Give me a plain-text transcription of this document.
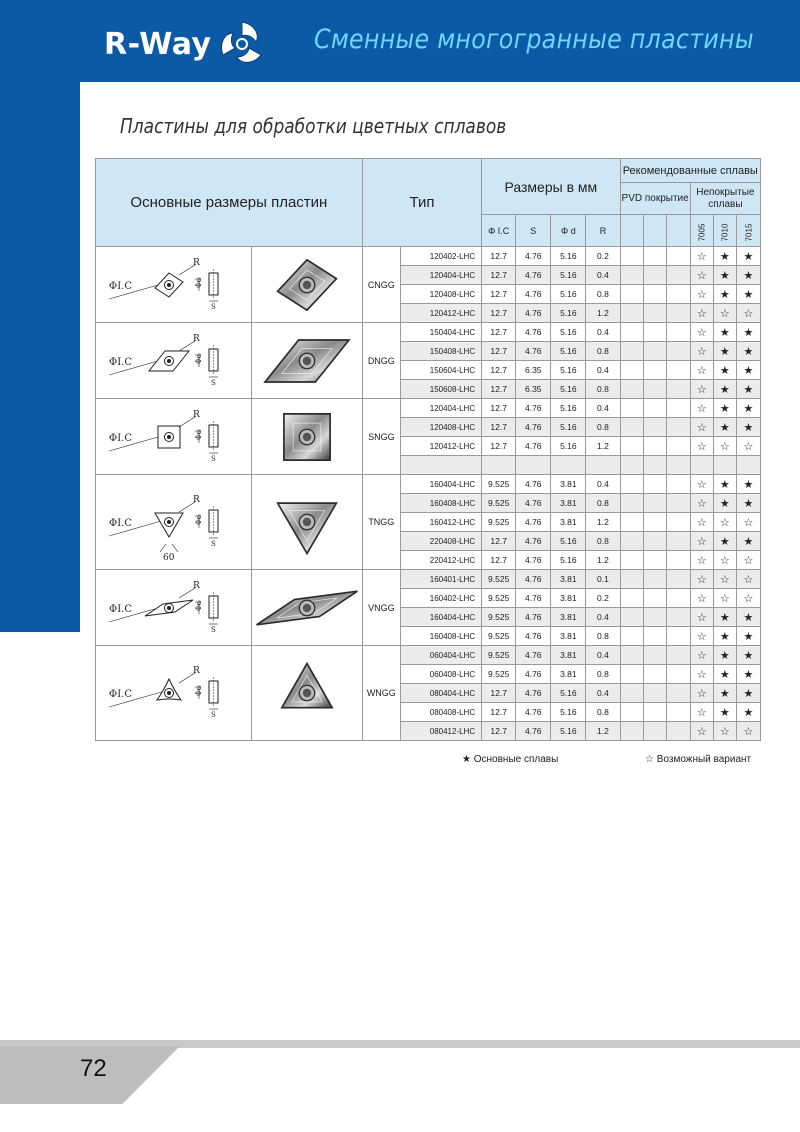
R-Way	Сменные многогранные пластины
Пластины для обработки цветных сплавов
Основные размеры пластин		Тип		Размеры в мм				Рекомендованные сплавы					
								PVD покрытие			Непокрытые сплавы		
				Φ I.C	S	Φ d	R				7005	7010	7015

ΦI.C
R
Φd
S		CNGG	120402-LHC	12.7	4.76	5.16	0.2				☆	★	★
			120404-LHC	12.7	4.76	5.16	0.4				☆	★	★
			120408-LHC	12.7	4.76	5.16	0.8				☆	★	★
			120412-LHC	12.7	4.76	5.16	1.2				☆	☆	☆

ΦI.C
R
Φd
S		DNGG	150404-LHC	12.7	4.76	5.16	0.4				☆	★	★
			150408-LHC	12.7	4.76	5.16	0.8				☆	★	★
			150604-LHC	12.7	6.35	5.16	0.4				☆	★	★
			150608-LHC	12.7	6.35	5.16	0.8				☆	★	★

ΦI.C
R
Φd
S		SNGG	120404-LHC	12.7	4.76	5.16	0.4				☆	★	★
			120408-LHC	12.7	4.76	5.16	0.8				☆	★	★
			120412-LHC	12.7	4.76	5.16	1.2				☆	☆	☆

ΦI.C
R
Φd
S
60		TNGG	160404-LHC	9.525	4.76	3.81	0.4				☆	★	★
			160408-LHC	9.525	4.76	3.81	0.8				☆	★	★
			160412-LHC	9.525	4.76	3.81	1.2				☆	☆	☆
			220408-LHC	12.7	4.76	5.16	0.8				☆	★	★
			220412-LHC	12.7	4.76	5.16	1.2				☆	☆	☆

ΦI.C
R
Φd
S		VNGG	160401-LHC	9.525	4.76	3.81	0.1				☆	☆	☆
			160402-LHC	9.525	4.76	3.81	0.2				☆	☆	☆
			160404-LHC	9.525	4.76	3.81	0.4				☆	★	★
			160408-LHC	9.525	4.76	3.81	0.8				☆	★	★

ΦI.C
R
Φd
S		WNGG	060404-LHC	9.525	4.76	3.81	0.4				☆	★	★
			060408-LHC	9.525	4.76	3.81	0.8				☆	★	★
			080404-LHC	12.7	4.76	5.16	0.4				☆	★	★
			080408-LHC	12.7	4.76	5.16	0.8				☆	★	★
			080412-LHC	12.7	4.76	5.16	1.2				☆	☆	☆
★ Основные сплавы	☆ Возможный вариант
72
